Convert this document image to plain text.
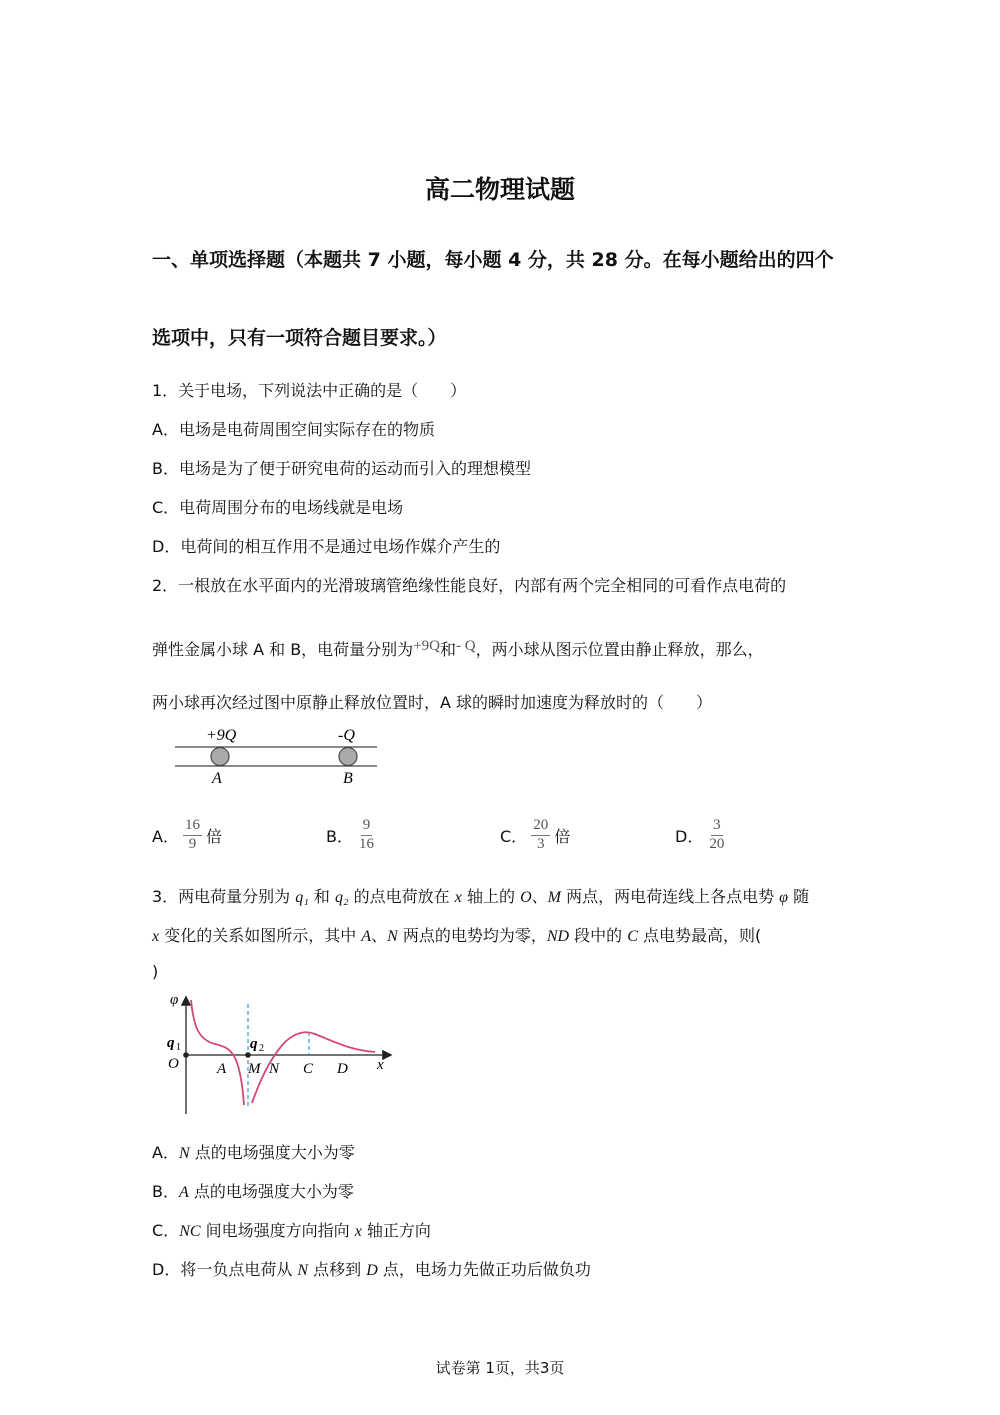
高二物理试题
一、单项选择题（本题共 7 小题，每小题 4 分，共 28 分。在每小题给出的四个
选项中，只有一项符合题目要求。）
1．关于电场，下列说法中正确的是（　　）
A．电场是电荷周围空间实际存在的物质
B．电场是为了便于研究电荷的运动而引入的理想模型
C．电荷周围分布的电场线就是电场
D．电荷间的相互作用不是通过电场作媒介产生的
2．一根放在水平面内的光滑玻璃管绝缘性能良好，内部有两个完全相同的可看作点电荷的
弹性金属小球 A 和 B，电荷量分别为+9Q和- Q，两小球从图示位置由静止释放，那么，
两小球再次经过图中原静止释放位置时，A 球的瞬时加速度为释放时的（　　）
+9Q	-Q
A	B
A． $\frac{16}{9}$ 倍	B． $\frac{9}{16}$	C． $\frac{20}{3}$ 倍	D． $\frac{3}{20}$
3．两电荷量分别为 q₁ 和 q₂ 的点电荷放在 x 轴上的 O、M 两点，两电荷连线上各点电势 φ 随
x 变化的关系如图所示，其中 A、N 两点的电势均为零，ND 段中的 C 点电势最高，则(
)
φ
q 1	q 2
O	A M N C D x
A．N 点的电场强度大小为零
B．A 点的电场强度大小为零
C．NC 间电场强度方向指向 x 轴正方向
D．将一负点电荷从 N 点移到 D 点，电场力先做正功后做负功
试卷第 1页，共3页
